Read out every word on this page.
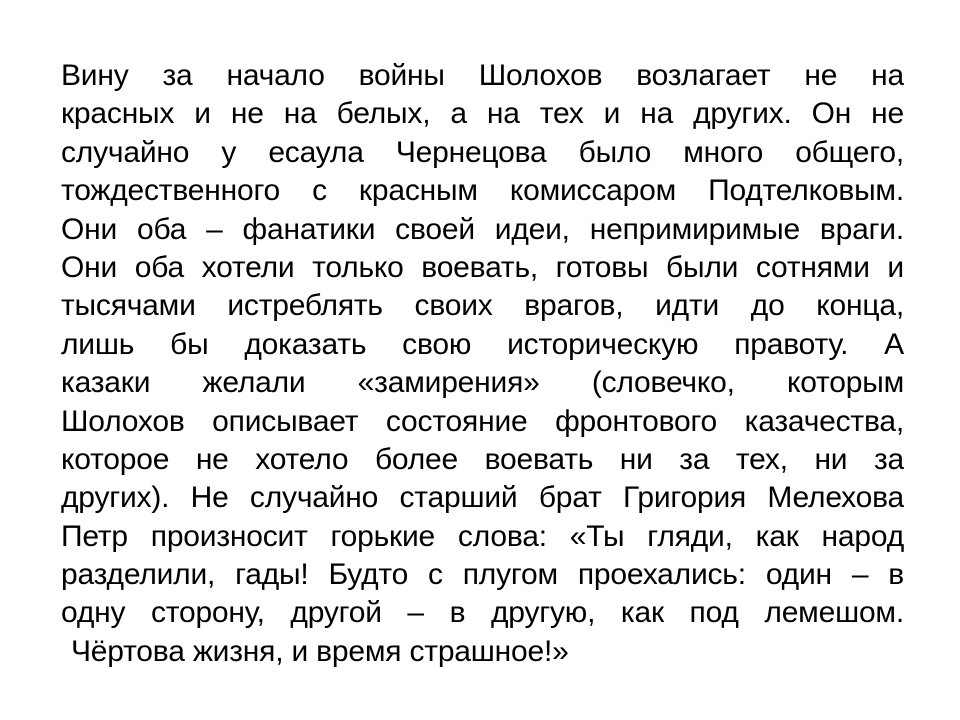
Вину за начало войны Шолохов возлагает не на
красных и не на белых, а на тех и на других. Он не
случайно у есаула Чернецова было много общего,
тождественного с красным комиссаром Подтелковым.
Они оба – фанатики своей идеи, непримиримые враги.
Они оба хотели только воевать, готовы были сотнями и
тысячами истреблять своих врагов, идти до конца,
лишь бы доказать свою историческую правоту. А
казаки желали «замирения» (словечко, которым
Шолохов описывает состояние фронтового казачества,
которое не хотело более воевать ни за тех, ни за
других). Не случайно старший брат Григория Мелехова
Петр произносит горькие слова: «Ты гляди, как народ
разделили, гады! Будто с плугом проехались: один – в
одну сторону, другой – в другую, как под лемешом.
Чёртова жизня, и время страшное!»
